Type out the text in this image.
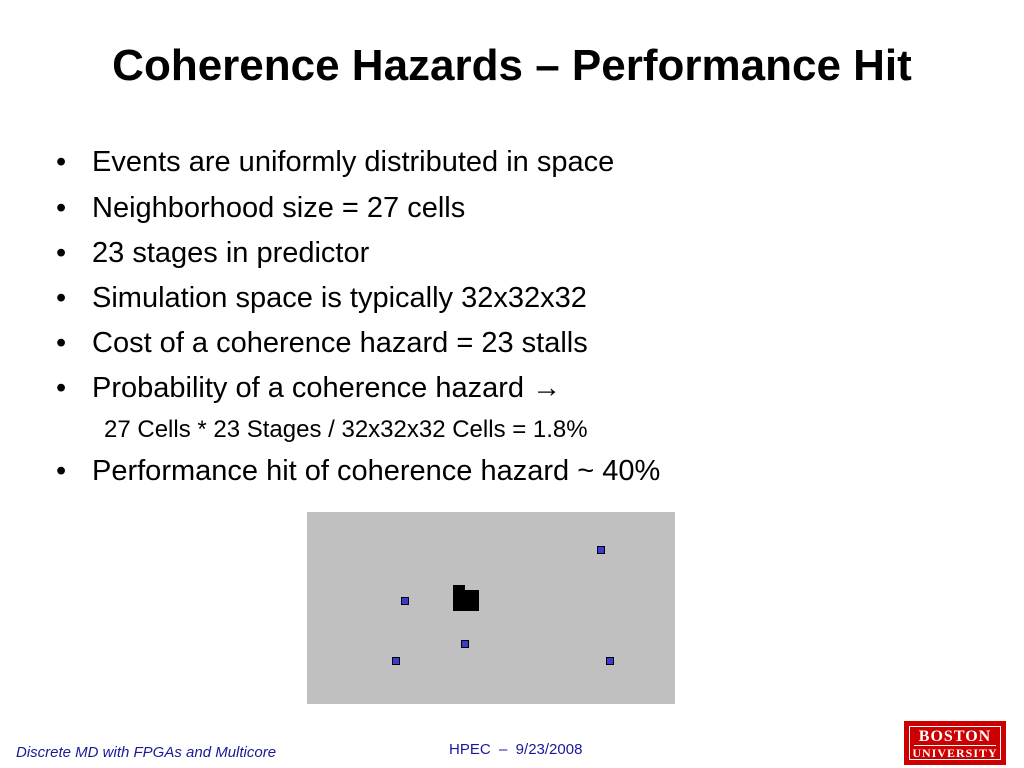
Coherence Hazards – Performance Hit
• Events are uniformly distributed in space
• Neighborhood size = 27 cells
• 23 stages in predictor
• Simulation space is typically 32x32x32
• Cost of a coherence hazard = 23 stalls
• Probability of a coherence hazard →
27 Cells * 23 Stages / 32x32x32 Cells = 1.8%
• Performance hit of coherence hazard ~ 40%
Discrete MD with FPGAs and Multicore	HPEC  –  9/23/2008
BOSTON
UNIVERSITY
